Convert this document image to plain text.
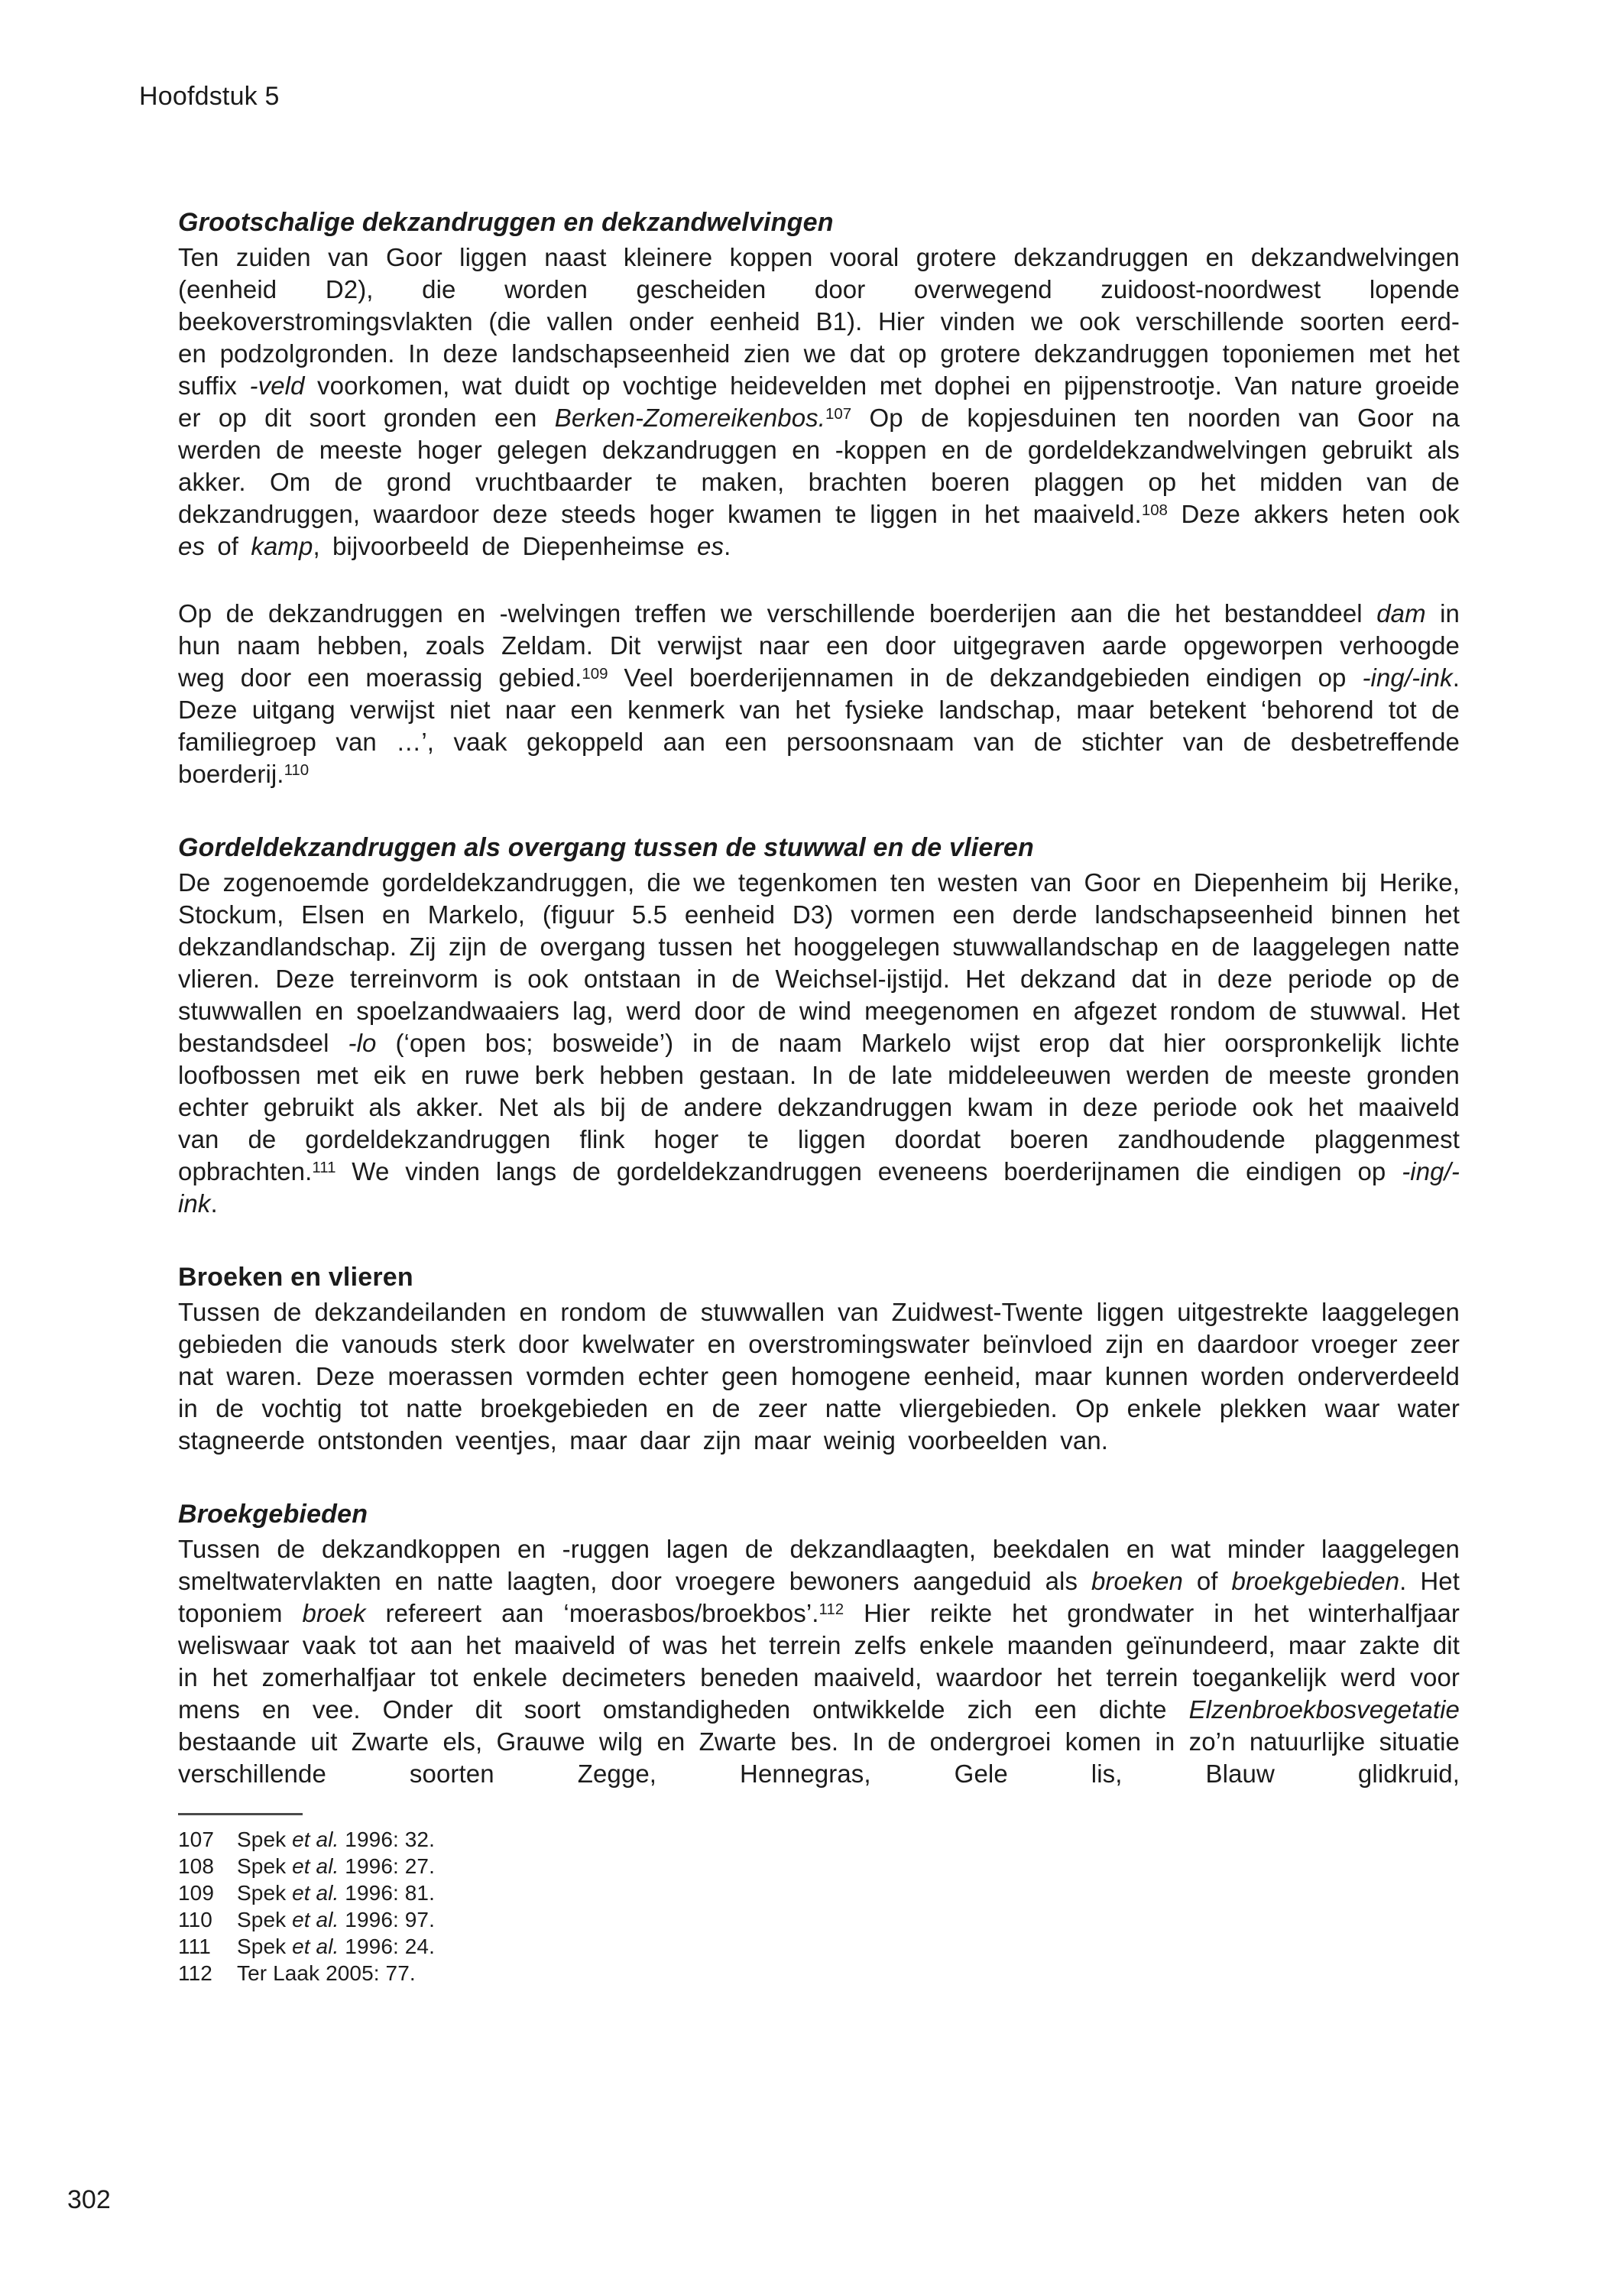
Hoofdstuk 5
Grootschalige dekzandruggen en dekzandwelvingen

Ten zuiden van Goor liggen naast kleinere koppen vooral grotere dekzandruggen en dekzandwelvingen (eenheid D2), die worden gescheiden door overwegend zuidoost-noordwest lopende beekoverstromingsvlakten (die vallen onder eenheid B1). Hier vinden we ook verschillende soorten eerd- en podzolgronden. In deze landschapseenheid zien we dat op grotere dekzandruggen toponiemen met het suffix -veld voorkomen, wat duidt op vochtige heidevelden met dophei en pijpenstrootje. Van nature groeide er op dit soort gronden een Berken-Zomereikenbos.$^{107}$ Op de kopjesduinen ten noorden van Goor na werden de meeste hoger gelegen dekzandruggen en -koppen en de gordeldekzandwelvingen gebruikt als akker. Om de grond vruchtbaarder te maken, brachten boeren plaggen op het midden van de dekzandruggen, waardoor deze steeds hoger kwamen te liggen in het maaiveld.$^{108}$ Deze akkers heten ook es of kamp, bijvoorbeeld de Diepenheimse es.

Op de dekzandruggen en -welvingen treffen we verschillende boerderijen aan die het bestanddeel dam in hun naam hebben, zoals Zeldam. Dit verwijst naar een door uitgegraven aarde opgeworpen verhoogde weg door een moerassig gebied.$^{109}$ Veel boerderijennamen in de dekzandgebieden eindigen op -ing/-ink. Deze uitgang verwijst niet naar een kenmerk van het fysieke landschap, maar betekent ‘behorend tot de familiegroep van …’, vaak gekoppeld aan een persoonsnaam van de stichter van de desbetreffende boerderij.$^{110}$

Gordeldekzandruggen als overgang tussen de stuwwal en de vlieren

De zogenoemde gordeldekzandruggen, die we tegenkomen ten westen van Goor en Diepenheim bij Herike, Stockum, Elsen en Markelo, (figuur 5.5 eenheid D3) vormen een derde landschapseenheid binnen het dekzandlandschap. Zij zijn de overgang tussen het hooggelegen stuwwallandschap en de laaggelegen natte vlieren. Deze terreinvorm is ook ontstaan in de Weichsel-ijstijd. Het dekzand dat in deze periode op de stuwwallen en spoelzandwaaiers lag, werd door de wind meegenomen en afgezet rondom de stuwwal. Het bestandsdeel -lo (‘open bos; bosweide’) in de naam Markelo wijst erop dat hier oorspronkelijk lichte loofbossen met eik en ruwe berk hebben gestaan. In de late middeleeuwen werden de meeste gronden echter gebruikt als akker. Net als bij de andere dekzandruggen kwam in deze periode ook het maaiveld van de gordeldekzandruggen flink hoger te liggen doordat boeren zandhoudende plaggenmest opbrachten.$^{111}$ We vinden langs de gordeldekzandruggen eveneens boerderijnamen die eindigen op -ing/-ink.

Broeken en vlieren

Tussen de dekzandeilanden en rondom de stuwwallen van Zuidwest-Twente liggen uitgestrekte laaggelegen gebieden die vanouds sterk door kwelwater en overstromingswater beïnvloed zijn en daardoor vroeger zeer nat waren. Deze moerassen vormden echter geen homogene eenheid, maar kunnen worden onderverdeeld in de vochtig tot natte broekgebieden en de zeer natte vliergebieden. Op enkele plekken waar water stagneerde ontstonden veentjes, maar daar zijn maar weinig voorbeelden van.

Broekgebieden

Tussen de dekzandkoppen en -ruggen lagen de dekzandlaagten, beekdalen en wat minder laaggelegen smeltwatervlakten en natte laagten, door vroegere bewoners aangeduid als broeken of broekgebieden. Het toponiem broek refereert aan ‘moerasbos/broekbos’.$^{112}$ Hier reikte het grondwater in het winterhalfjaar weliswaar vaak tot aan het maaiveld of was het terrein zelfs enkele maanden geïnundeerd, maar zakte dit in het zomerhalfjaar tot enkele decimeters beneden maaiveld, waardoor het terrein toegankelijk werd voor mens en vee. Onder dit soort omstandigheden ontwikkelde zich een dichte Elzenbroekbosvegetatie bestaande uit Zwarte els, Grauwe wilg en Zwarte bes. In de ondergroei komen in zo’n natuurlijke situatie verschillende soorten Zegge, Hennegras, Gele lis, Blauw glidkruid,

107	Spek et al. 1996: 32.
108	Spek et al. 1996: 27.
109	Spek et al. 1996: 81.
110	Spek et al. 1996: 97.
111	Spek et al. 1996: 24.
112	Ter Laak 2005: 77.
302
